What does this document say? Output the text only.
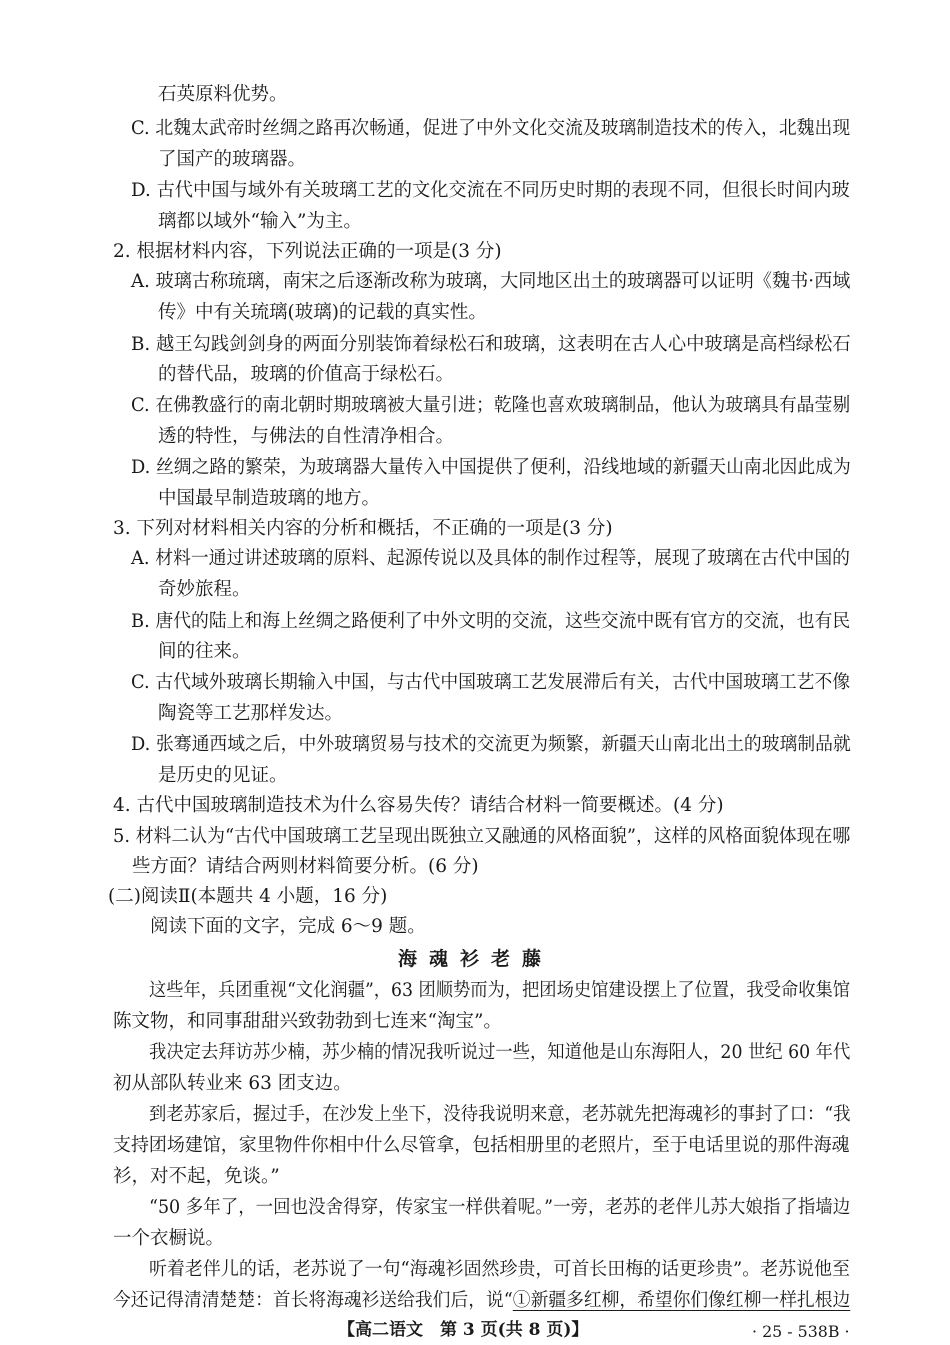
石英原料优势。
C. 北魏太武帝时丝绸之路再次畅通，促进了中外文化交流及玻璃制造技术的传入，北魏出现
了国产的玻璃器。
D. 古代中国与域外有关玻璃工艺的文化交流在不同历史时期的表现不同，但很长时间内玻
璃都以域外“输入”为主。
2. 根据材料内容，下列说法正确的一项是(3 分)
A. 玻璃古称琉璃，南宋之后逐渐改称为玻璃，大同地区出土的玻璃器可以证明《魏书·西域
传》中有关琉璃(玻璃)的记载的真实性。
B. 越王勾践剑剑身的两面分别装饰着绿松石和玻璃，这表明在古人心中玻璃是高档绿松石
的替代品，玻璃的价值高于绿松石。
C. 在佛教盛行的南北朝时期玻璃被大量引进；乾隆也喜欢玻璃制品，他认为玻璃具有晶莹剔
透的特性，与佛法的自性清净相合。
D. 丝绸之路的繁荣，为玻璃器大量传入中国提供了便利，沿线地域的新疆天山南北因此成为
中国最早制造玻璃的地方。
3. 下列对材料相关内容的分析和概括，不正确的一项是(3 分)
A. 材料一通过讲述玻璃的原料、起源传说以及具体的制作过程等，展现了玻璃在古代中国的
奇妙旅程。
B. 唐代的陆上和海上丝绸之路便利了中外文明的交流，这些交流中既有官方的交流，也有民
间的往来。
C. 古代域外玻璃长期输入中国，与古代中国玻璃工艺发展滞后有关，古代中国玻璃工艺不像
陶瓷等工艺那样发达。
D. 张骞通西域之后，中外玻璃贸易与技术的交流更为频繁，新疆天山南北出土的玻璃制品就
是历史的见证。
4. 古代中国玻璃制造技术为什么容易失传？请结合材料一简要概述。(4 分)
5. 材料二认为“古代中国玻璃工艺呈现出既独立又融通的风格面貌”，这样的风格面貌体现在哪
些方面？请结合两则材料简要分析。(6 分)
(二)阅读Ⅱ(本题共 4 小题，16 分)
阅读下面的文字，完成 6～9 题。
海魂衫老藤
这些年，兵团重视“文化润疆”，63 团顺势而为，把团场史馆建设摆上了位置，我受命收集馆
陈文物，和同事甜甜兴致勃勃到七连来“淘宝”。
我决定去拜访苏少楠，苏少楠的情况我听说过一些，知道他是山东海阳人，20 世纪 60 年代
初从部队转业来 63 团支边。
到老苏家后，握过手，在沙发上坐下，没待我说明来意，老苏就先把海魂衫的事封了口：“我
支持团场建馆，家里物件你相中什么尽管拿，包括相册里的老照片，至于电话里说的那件海魂
衫，对不起，免谈。”
“50 多年了，一回也没舍得穿，传家宝一样供着呢。”一旁，老苏的老伴儿苏大娘指了指墙边
一个衣橱说。
听着老伴儿的话，老苏说了一句“海魂衫固然珍贵，可首长田梅的话更珍贵”。老苏说他至
今还记得清清楚楚：首长将海魂衫送给我们后，说“①新疆多红柳，希望你们像红柳一样扎根边
【高二语文　第 3 页(共 8 页)】	· 25 - 538B ·
